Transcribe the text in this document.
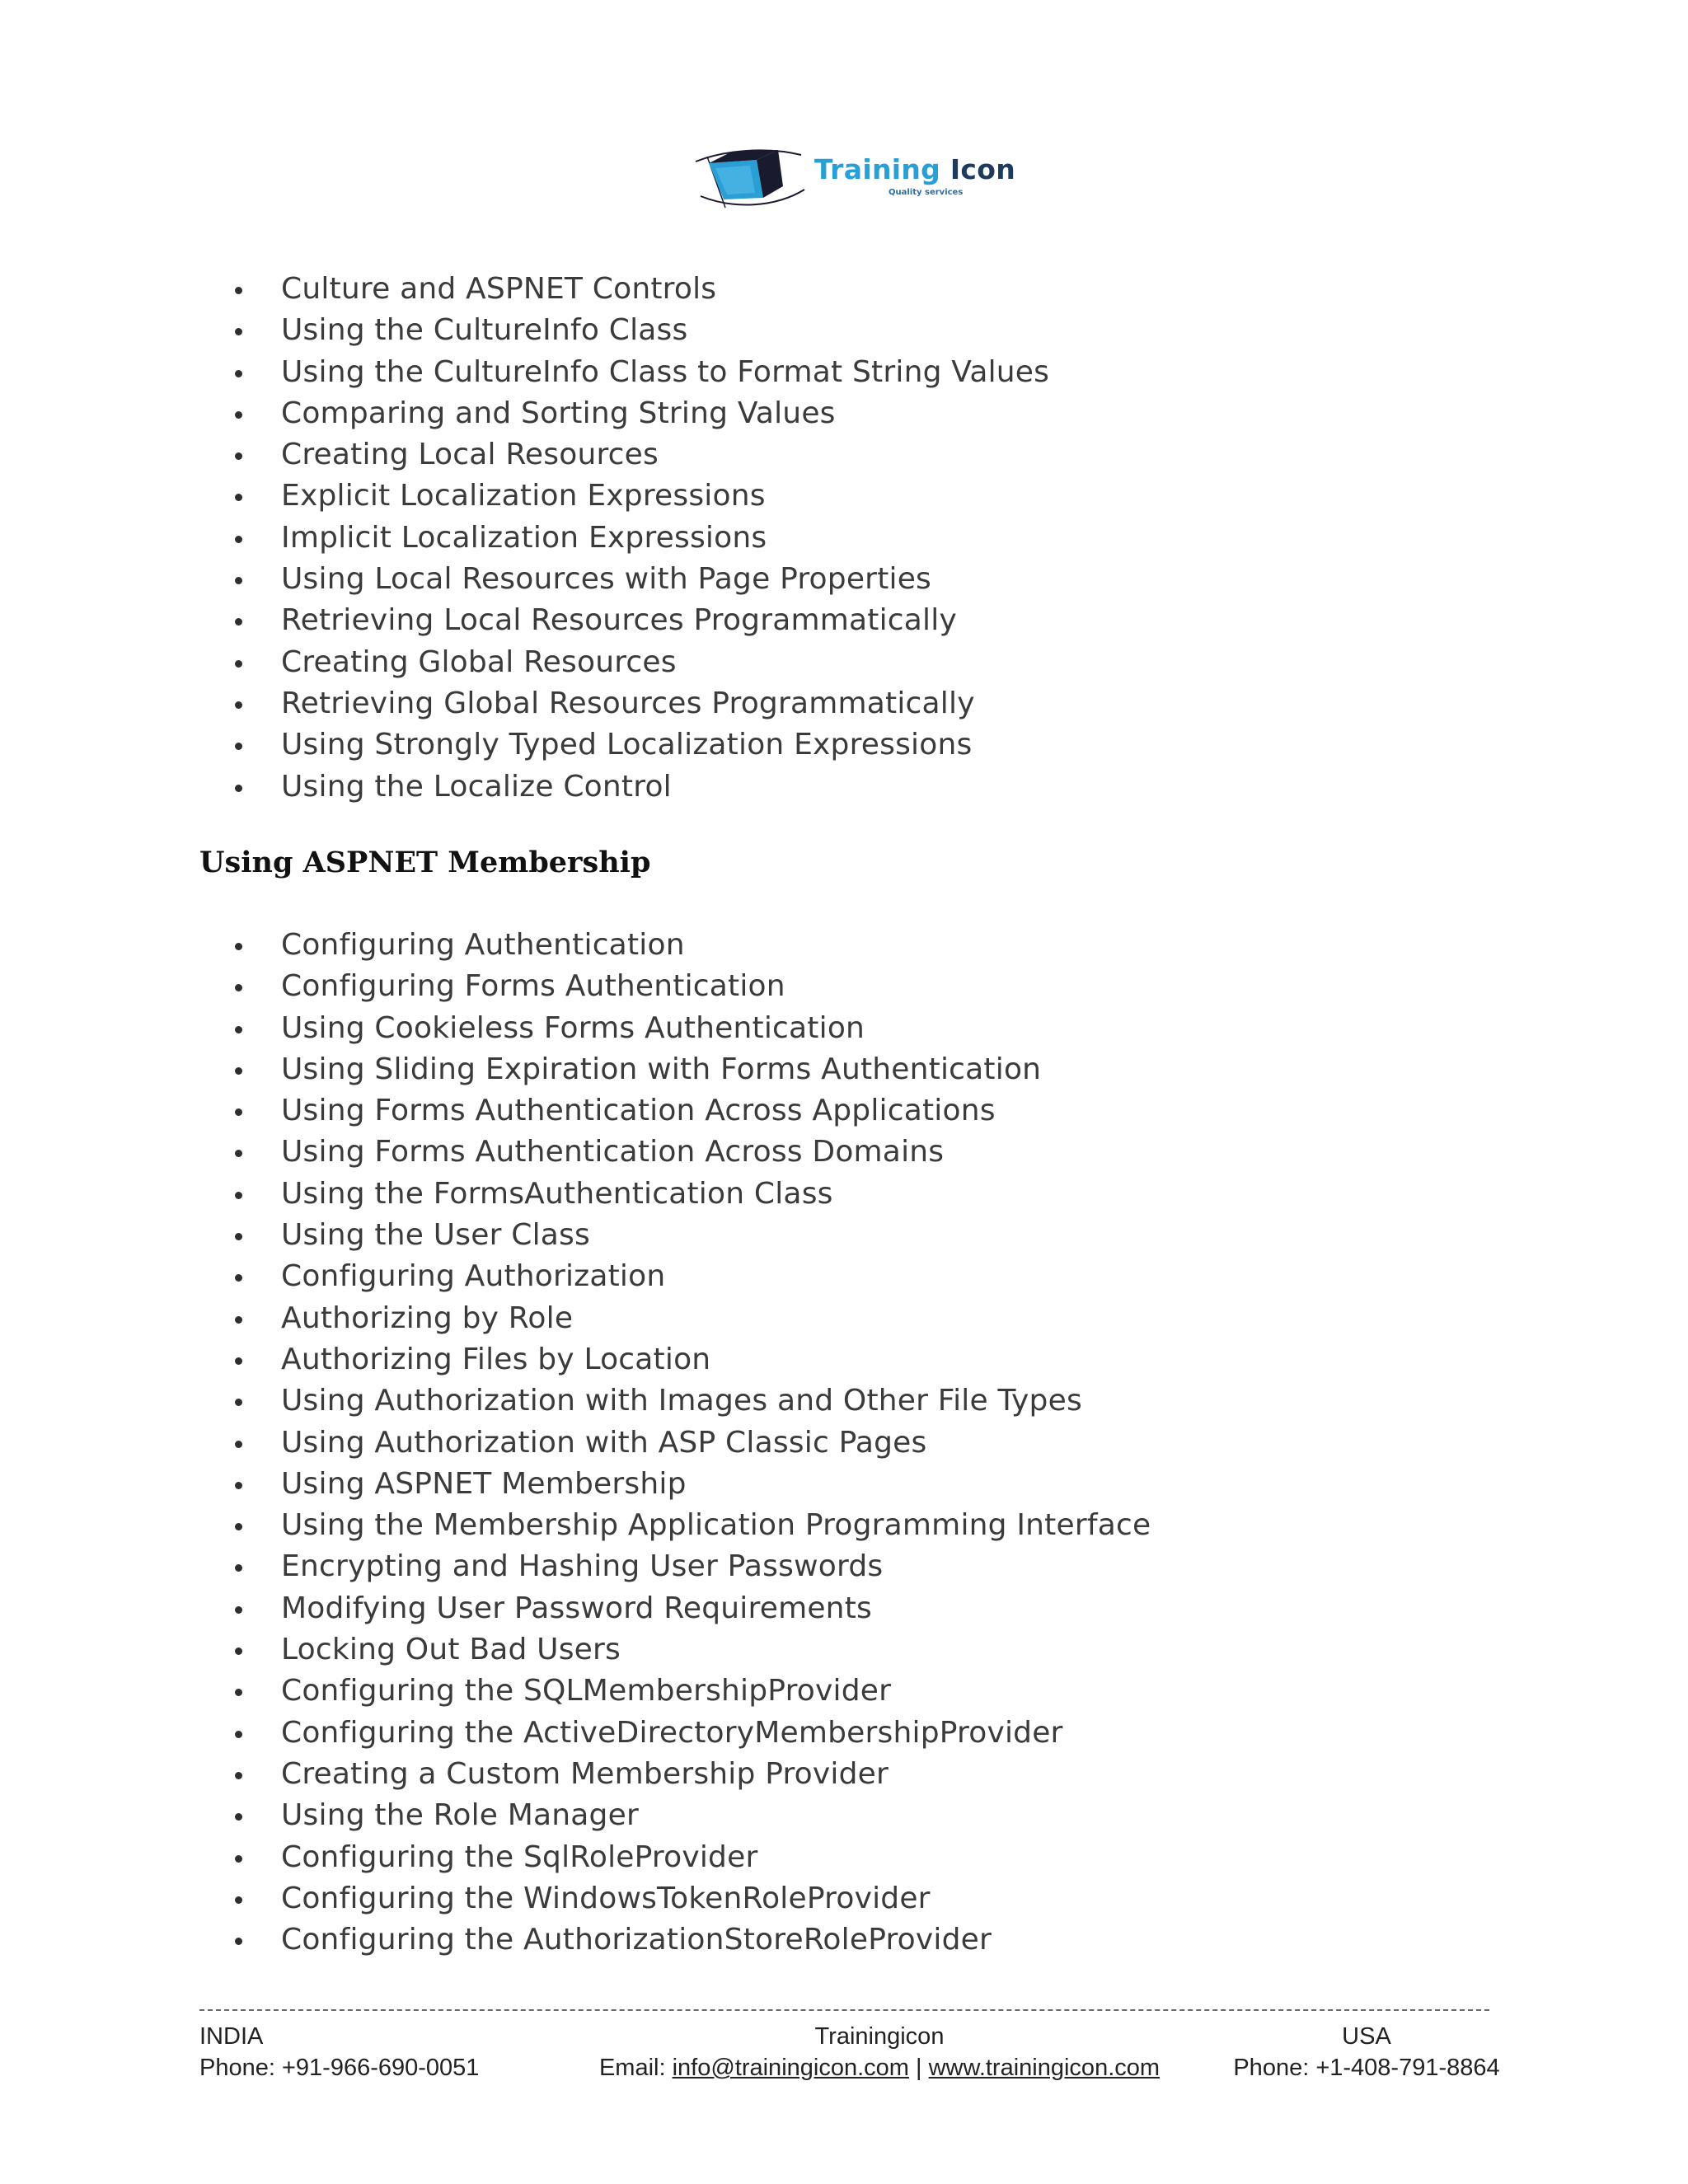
Training Icon
Quality services
Culture and ASPNET Controls
Using the CultureInfo Class
Using the CultureInfo Class to Format String Values
Comparing and Sorting String Values
Creating Local Resources
Explicit Localization Expressions
Implicit Localization Expressions
Using Local Resources with Page Properties
Retrieving Local Resources Programmatically
Creating Global Resources
Retrieving Global Resources Programmatically
Using Strongly Typed Localization Expressions
Using the Localize Control
Using ASPNET Membership
Configuring Authentication
Configuring Forms Authentication
Using Cookieless Forms Authentication
Using Sliding Expiration with Forms Authentication
Using Forms Authentication Across Applications
Using Forms Authentication Across Domains
Using the FormsAuthentication Class
Using the User Class
Configuring Authorization
Authorizing by Role
Authorizing Files by Location
Using Authorization with Images and Other File Types
Using Authorization with ASP Classic Pages
Using ASPNET Membership
Using the Membership Application Programming Interface
Encrypting and Hashing User Passwords
Modifying User Password Requirements
Locking Out Bad Users
Configuring the SQLMembershipProvider
Configuring the ActiveDirectoryMembershipProvider
Creating a Custom Membership Provider
Using the Role Manager
Configuring the SqlRoleProvider
Configuring the WindowsTokenRoleProvider
Configuring the AuthorizationStoreRoleProvider
INDIA
Phone: +91-966-690-0051
Trainingicon
Email: info@trainingicon.com | www.trainingicon.com
USA
Phone: +1-408-791-8864
